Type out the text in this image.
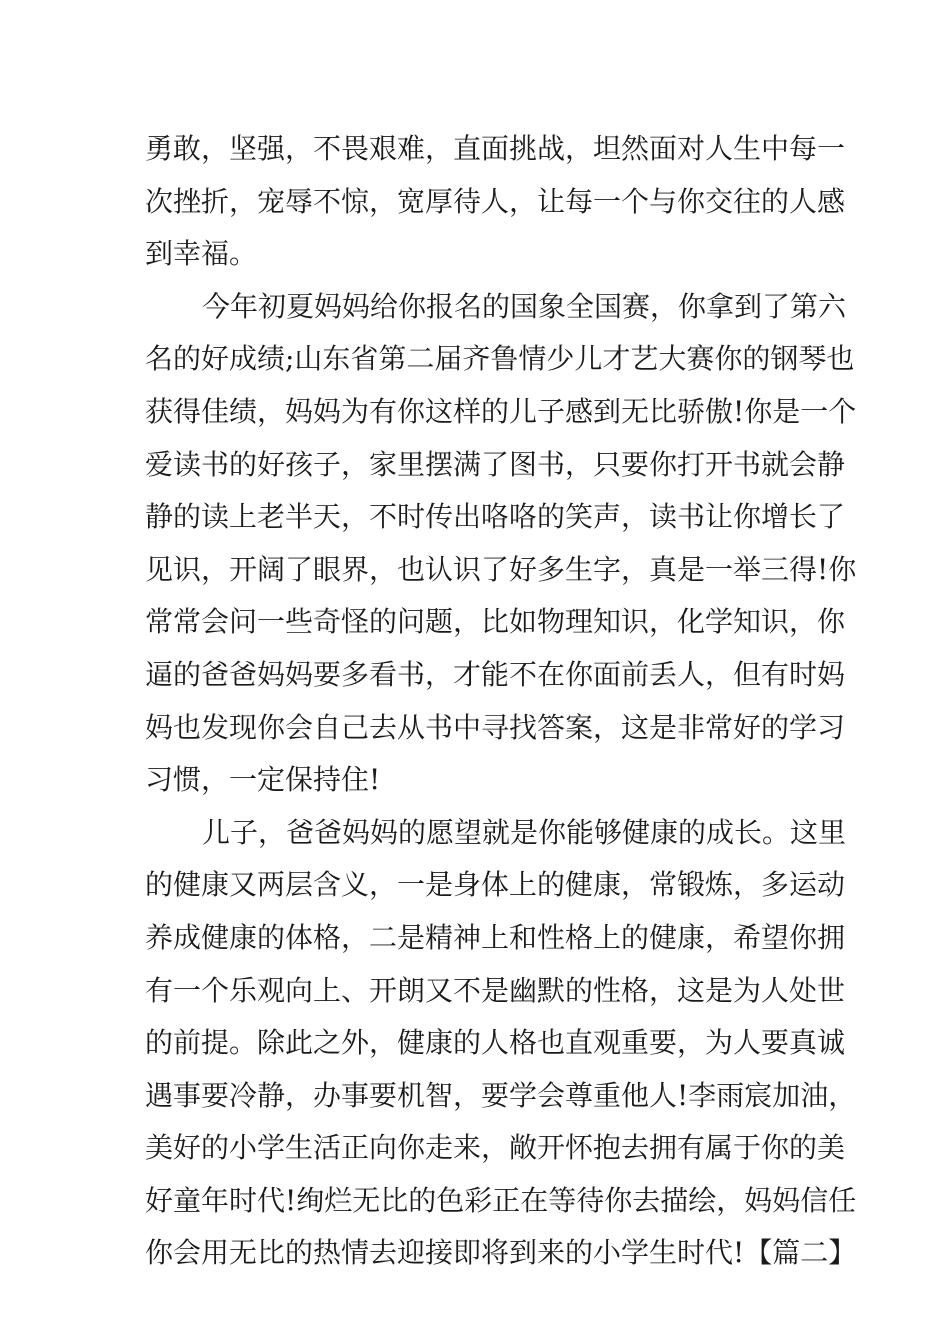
勇敢，坚强，不畏艰难，直面挑战，坦然面对人生中每一
次挫折，宠辱不惊，宽厚待人，让每一个与你交往的人感
到幸福。
今年初夏妈妈给你报名的国象全国赛，你拿到了第六
名的好成绩;山东省第二届齐鲁情少儿才艺大赛你的钢琴也
获得佳绩，妈妈为有你这样的儿子感到无比骄傲!你是一个
爱读书的好孩子，家里摆满了图书，只要你打开书就会静
静的读上老半天，不时传出咯咯的笑声，读书让你增长了
见识，开阔了眼界，也认识了好多生字，真是一举三得!你
常常会问一些奇怪的问题，比如物理知识，化学知识，你
逼的爸爸妈妈要多看书，才能不在你面前丢人，但有时妈
妈也发现你会自己去从书中寻找答案，这是非常好的学习
习惯，一定保持住!
儿子，爸爸妈妈的愿望就是你能够健康的成长。这里
的健康又两层含义，一是身体上的健康，常锻炼，多运动
养成健康的体格，二是精神上和性格上的健康，希望你拥
有一个乐观向上、开朗又不是幽默的性格，这是为人处世
的前提。除此之外，健康的人格也直观重要，为人要真诚
遇事要冷静，办事要机智，要学会尊重他人!李雨宸加油，
美好的小学生活正向你走来，敞开怀抱去拥有属于你的美
好童年时代!绚烂无比的色彩正在等待你去描绘，妈妈信任
你会用无比的热情去迎接即将到来的小学生时代!【篇二】
